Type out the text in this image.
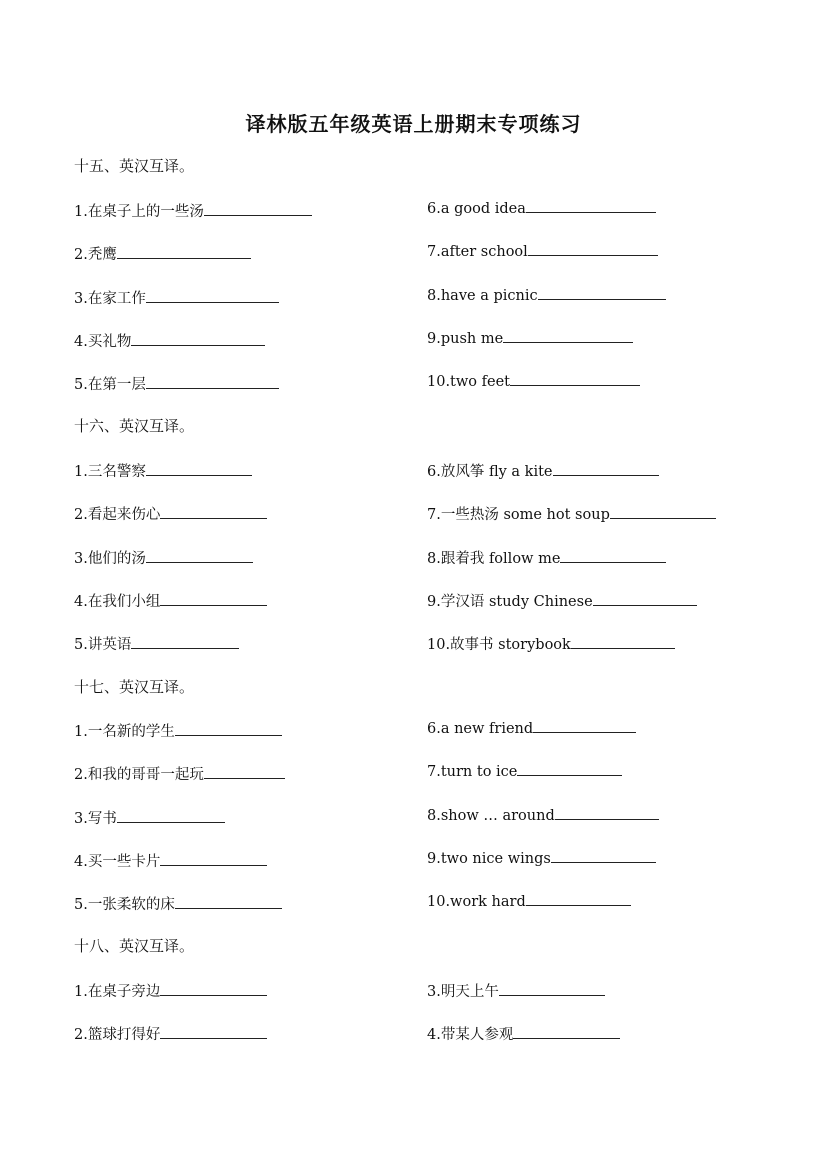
译林版五年级英语上册期末专项练习
十五、英汉互译。
1.在桌子上的一些汤
2.秃鹰
3.在家工作
4.买礼物
5.在第一层
6.a good idea
7.after school
8.have a picnic
9.push me
10.two feet
十六、英汉互译。
1.三名警察
2.看起来伤心
3.他们的汤
4.在我们小组
5.讲英语
6.放风筝 fly a kite
7.一些热汤 some hot soup
8.跟着我 follow me
9.学汉语 study Chinese
10.故事书 storybook
十七、英汉互译。
1.一名新的学生
2.和我的哥哥一起玩
3.写书
4.买一些卡片
5.一张柔软的床
6.a new friend
7.turn to ice
8.show … around
9.two nice wings
10.work hard
十八、英汉互译。
1.在桌子旁边
2.篮球打得好
3.明天上午
4.带某人参观
